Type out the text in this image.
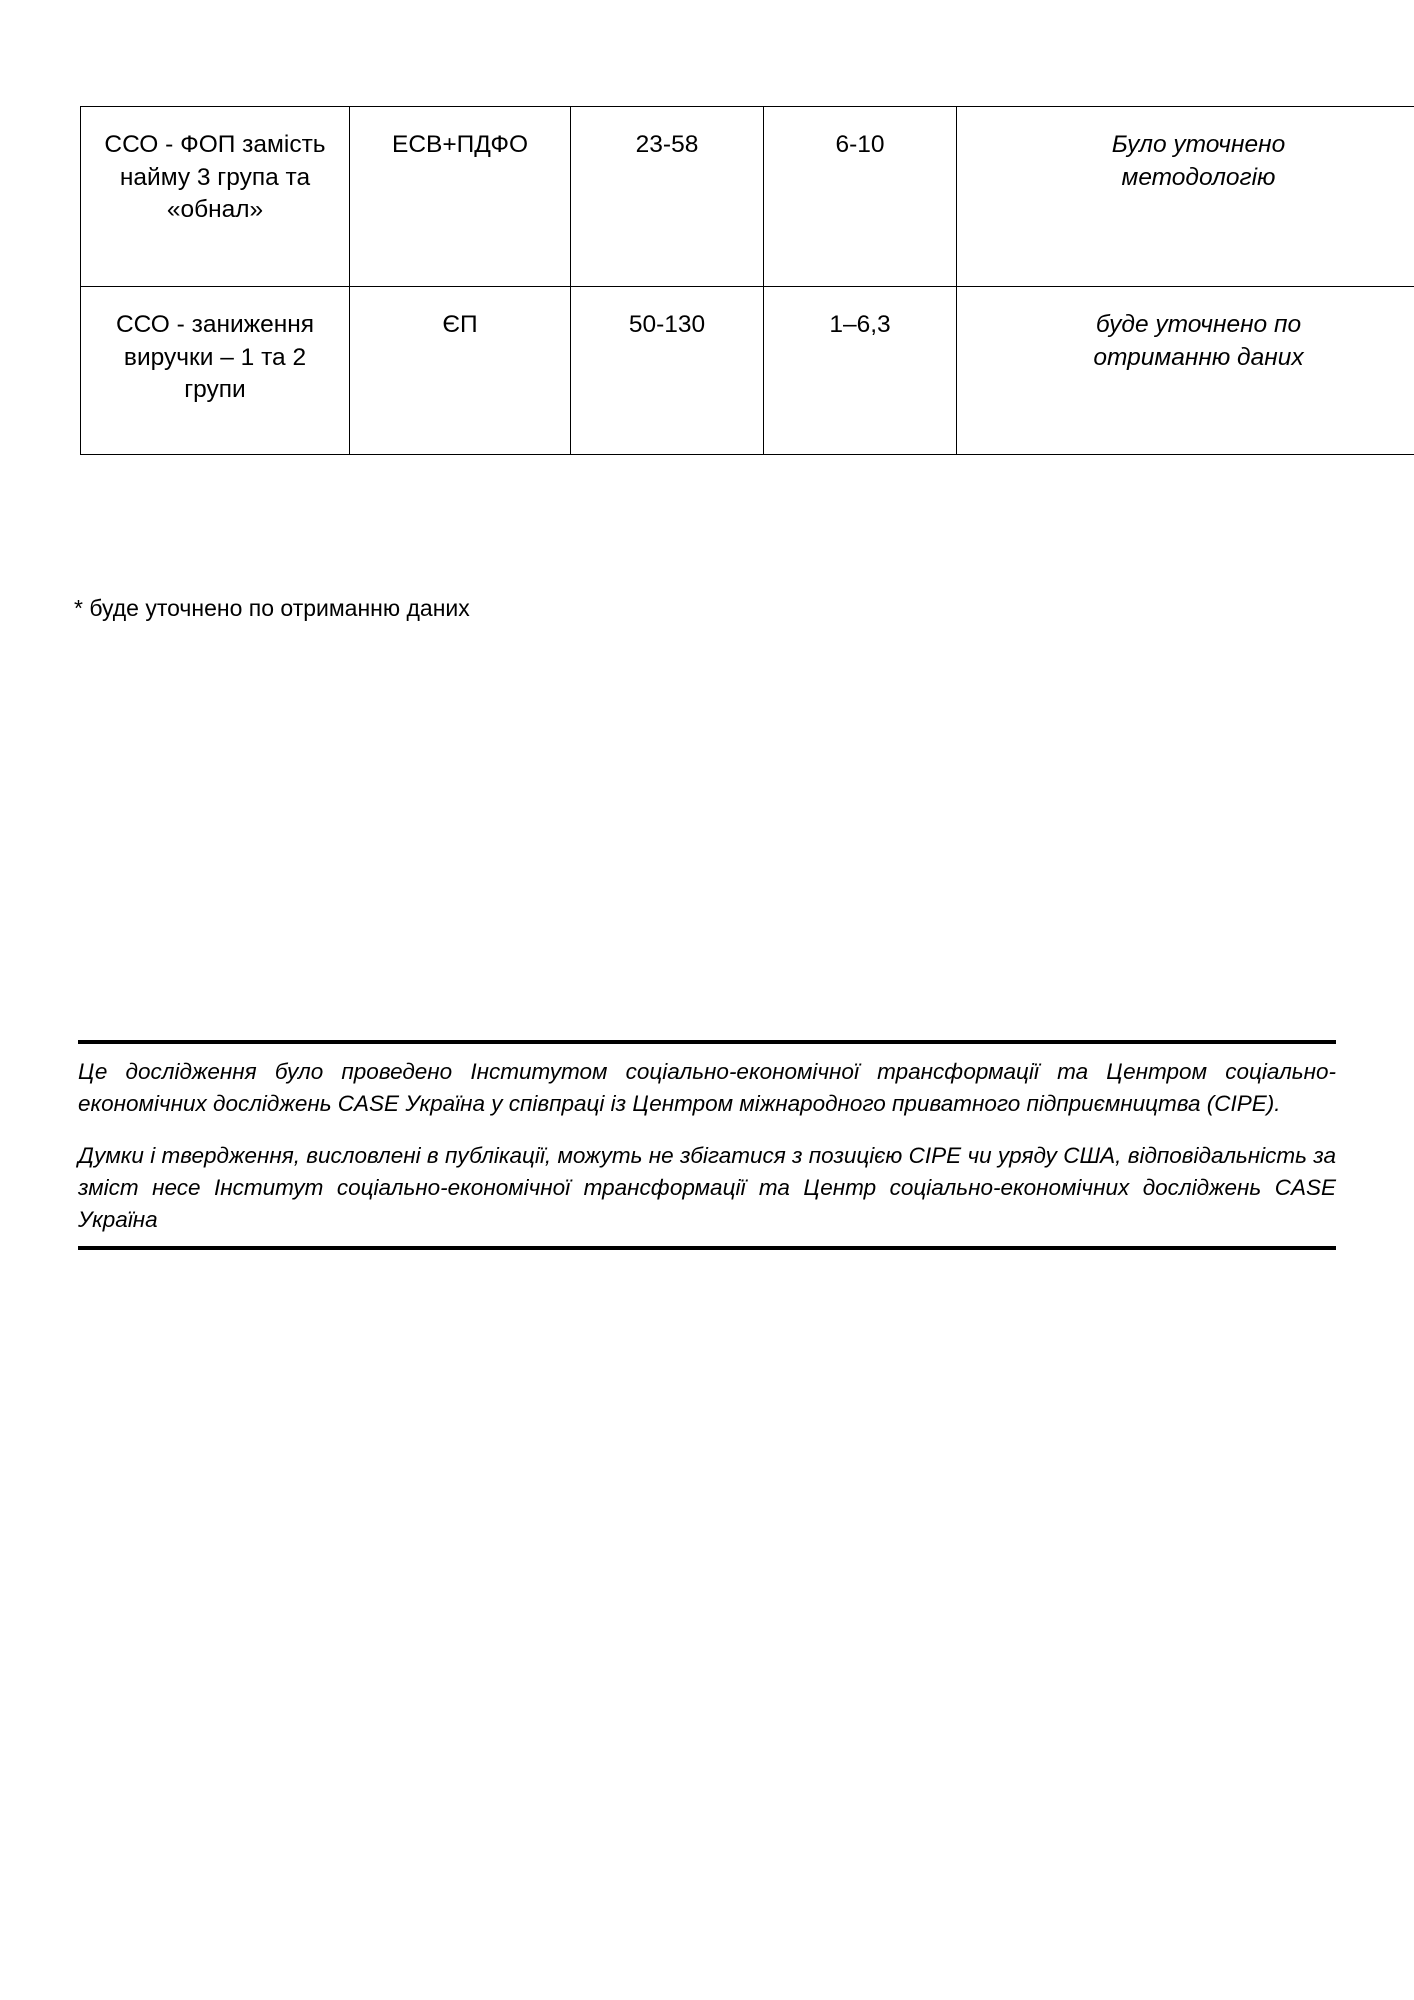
ССО - ФОП замість найму 3 група та «обнал»	ЕСВ+ПДФО	23-58	6-10	Було уточнено методологію

ССО - заниження виручки – 1 та 2 групи	ЄП	50-130	1–6,3	буде уточнено по отриманню даних
* буде уточнено по отриманню даних

Це дослідження було проведено Інститутом соціально-економічної трансформації та Центром соціально-економічних досліджень CASE Україна у співпраці із Центром міжнародного приватного підприємництва (CIPE).

Думки і твердження, висловлені в публікації, можуть не збігатися з позицією CIPE чи уряду США, відповідальність за зміст несе Інститут соціально-економічної трансформації та Центр соціально-економічних досліджень CASE Україна
